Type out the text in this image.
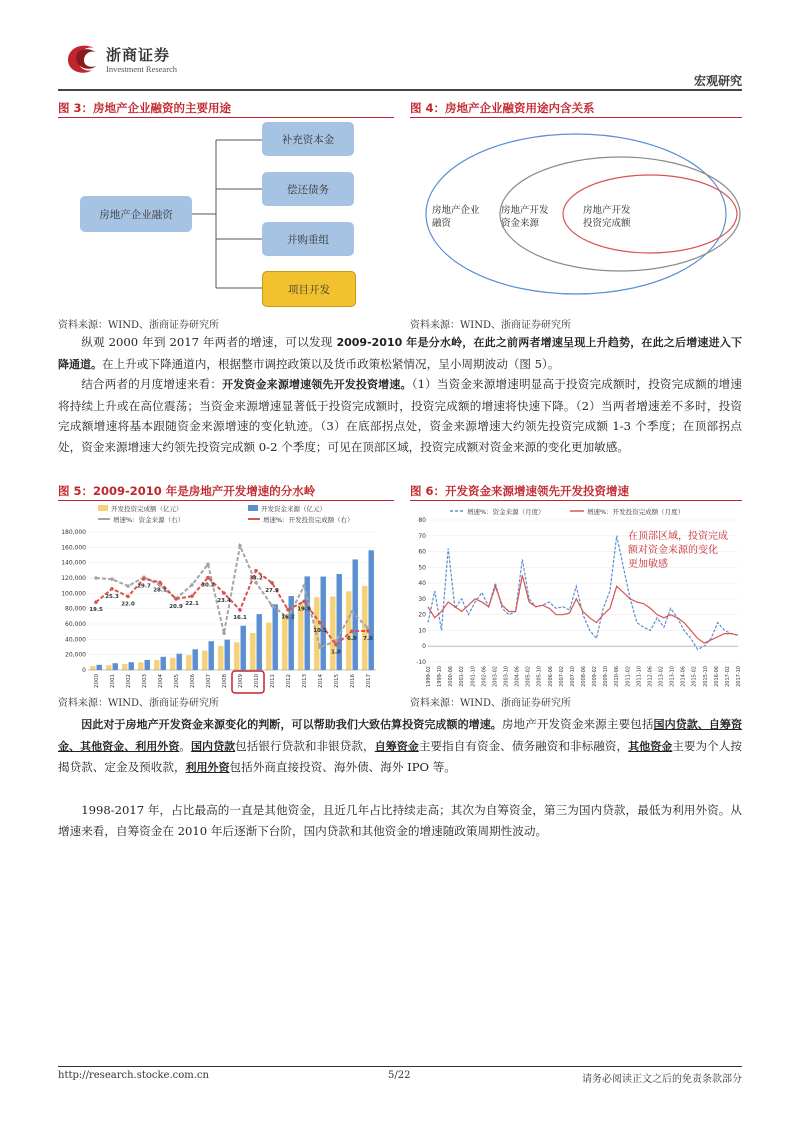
浙商证券
Investment Research
宏观研究
图 3：房地产企业融资的主要用途
房地产企业融资
补充资本金
偿还债务
并购重组
项目开发
资料来源：WIND、浙商证券研究所
图 4：房地产企业融资用途内含关系
房地产企业
融资
房地产开发
资金来源
房地产开发
投资完成额
资料来源：WIND、浙商证券研究所
纵观 2000 年到 2017 年两者的增速，可以发现 2009-2010 年是分水岭，在此之前两者增速呈现上升趋势，在此之后增速进入下降通道。在上升或下降通道内，根据整市调控政策以及货币政策松紧情况，呈小周期波动（图 5）。
结合两者的月度增速来看：开发资金来源增速领先开发投资增速。（1）当资金来源增速明显高于投资完成额时，投资完成额的增速将持续上升或在高位震荡；当资金来源增速显著低于投资完成额时，投资完成额的增速将快速下降。（2）当两者增速差不多时，投资完成额增速将基本跟随资金来源增速的变化轨迹。（3）在底部拐点处，资金来源增速大约领先投资完成额 1-3 个季度；在顶部拐点处，资金来源增速大约领先投资完成额 0-2 个季度；可见在顶部区域，投资完成额对资金来源的变化更加敏感。
图 5：2009-2010 年是房地产开发增速的分水岭
开发投资完成额（亿元）	开发资金来源（亿元）
增速%：资金来源（右）	增速%：开发投资完成额（右）
0
20,000
40,000
60,000
80,000
100,000
120,000
140,000
160,000
180,000
2000 2001 2002 2003 2004 2005 2006 2007 2008 2009 2010 2011 2012 2013 2014 2015 2016 2017
19.5
25.3
22.0
29.7
28.1
20.9 22.1
30.2
23.4
16.1
33.2
27.9
16.2
19.8
10.5
1.0
6.9 7.0
资料来源：WIND、浙商证券研究所
图 6：开发资金来源增速领先开发投资增速
增速%：资金来源（月度）	增速%：开发投资完成额（月度）
-10
0
10
20
30
40
50
60
70
80
1999-02 1999-10 2000-06 2001-02 2001-10 2002-06 2003-02 2003-10 2004-06 2005-02 2005-10 2006-06 2007-02 2007-10 2008-06 2009-02 2009-10 2010-06 2011-02 2011-10 2012-06 2013-02 2013-10 2014-06 2015-02 2015-10 2016-06 2017-02 2017-10
在顶部区域，投资完成
额对资金来源的变化
更加敏感
资料来源：WIND、浙商证券研究所
因此对于房地产开发资金来源变化的判断，可以帮助我们大致估算投资完成额的增速。房地产开发资金来源主要包括国内贷款、自筹资金、其他资金、利用外资。国内贷款包括银行贷款和非银贷款，自筹资金主要指自有资金、债务融资和非标融资，其他资金主要为个人按揭贷款、定金及预收款，利用外资包括外商直接投资、海外债、海外 IPO 等。
1998-2017 年，占比最高的一直是其他资金，且近几年占比持续走高；其次为自筹资金，第三为国内贷款，最低为利用外资。从增速来看，自筹资金在 2010 年后逐渐下台阶，国内贷款和其他资金的增速随政策周期性波动。
http://research.stocke.com.cn	5/22	请务必阅读正文之后的免责条款部分
